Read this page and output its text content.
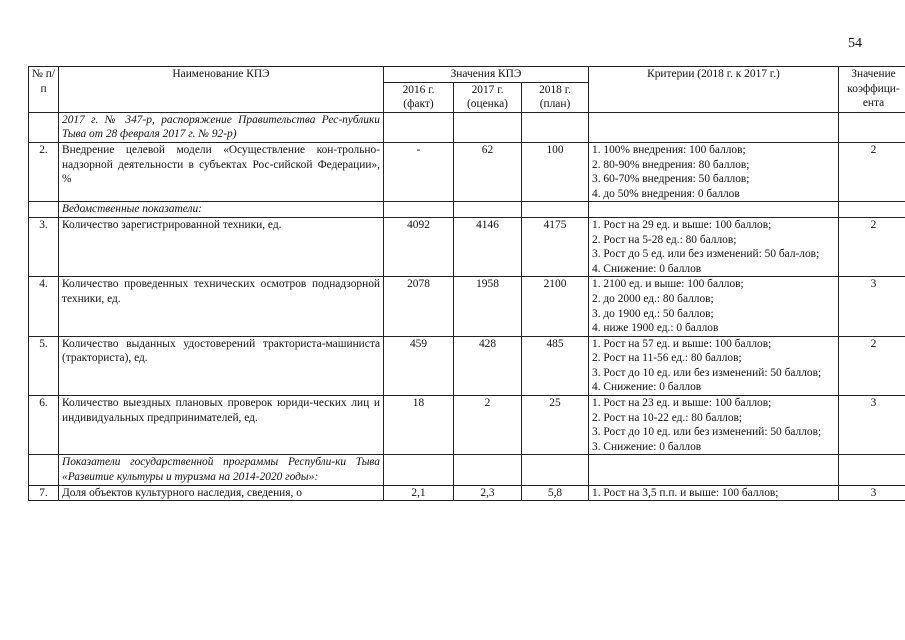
54
№ п/п	Наименование КПЭ	Значения КПЭ			Критерии (2018 г. к 2017 г.)	Значение коэффици-ента
		2016 г. (факт)	2017 г. (оценка)	2018 г. (план)		
	2017 г. № 347-р, распоряжение Правительства Рес-публики Тыва от 28 февраля 2017 г. № 92-р)					
2.	Внедрение целевой модели «Осуществление кон-трольно-надзорной деятельности в субъектах Рос-сийской Федерации», %	-	62	100	1. 100% внедрения: 100 баллов;
2. 80-90% внедрения: 80 баллов;
3. 60-70% внедрения: 50 баллов;
4. до 50% внедрения: 0 баллов	2
	Ведомственные показатели:					
3.	Количество зарегистрированной техники, ед.	4092	4146	4175	1. Рост на 29 ед. и выше: 100 баллов;
2. Рост на 5-28 ед.: 80 баллов;
3. Рост до 5 ед. или без изменений: 50 бал-лов;
4. Снижение: 0 баллов	2
4.	Количество проведенных технических осмотров поднадзорной техники, ед.	2078	1958	2100	1. 2100 ед. и выше: 100 баллов;
2. до 2000 ед.: 80 баллов;
3. до 1900 ед.: 50 баллов;
4. ниже 1900 ед.: 0 баллов	3
5.	Количество выданных удостоверений тракториста-машиниста (тракториста), ед.	459	428	485	1. Рост на 57 ед. и выше: 100 баллов;
2. Рост на 11-56 ед.: 80 баллов;
3. Рост до 10 ед. или без изменений: 50 баллов;
4. Снижение: 0 баллов	2
6.	Количество выездных плановых проверок юриди-ческих лиц и индивидуальных предпринимателей, ед.	18	2	25	1. Рост на 23 ед. и выше: 100 баллов;
2. Рост на 10-22 ед.: 80 баллов;
3. Рост до 10 ед. или без изменений: 50 баллов;
3. Снижение: 0 баллов	3
	Показатели государственной программы Республи-ки Тыва «Развитие культуры и туризма на 2014-2020 годы»:					
7.	Доля объектов культурного наследия, сведения, о	2,1	2,3	5,8	1. Рост на 3,5 п.п. и выше: 100 баллов;	3
